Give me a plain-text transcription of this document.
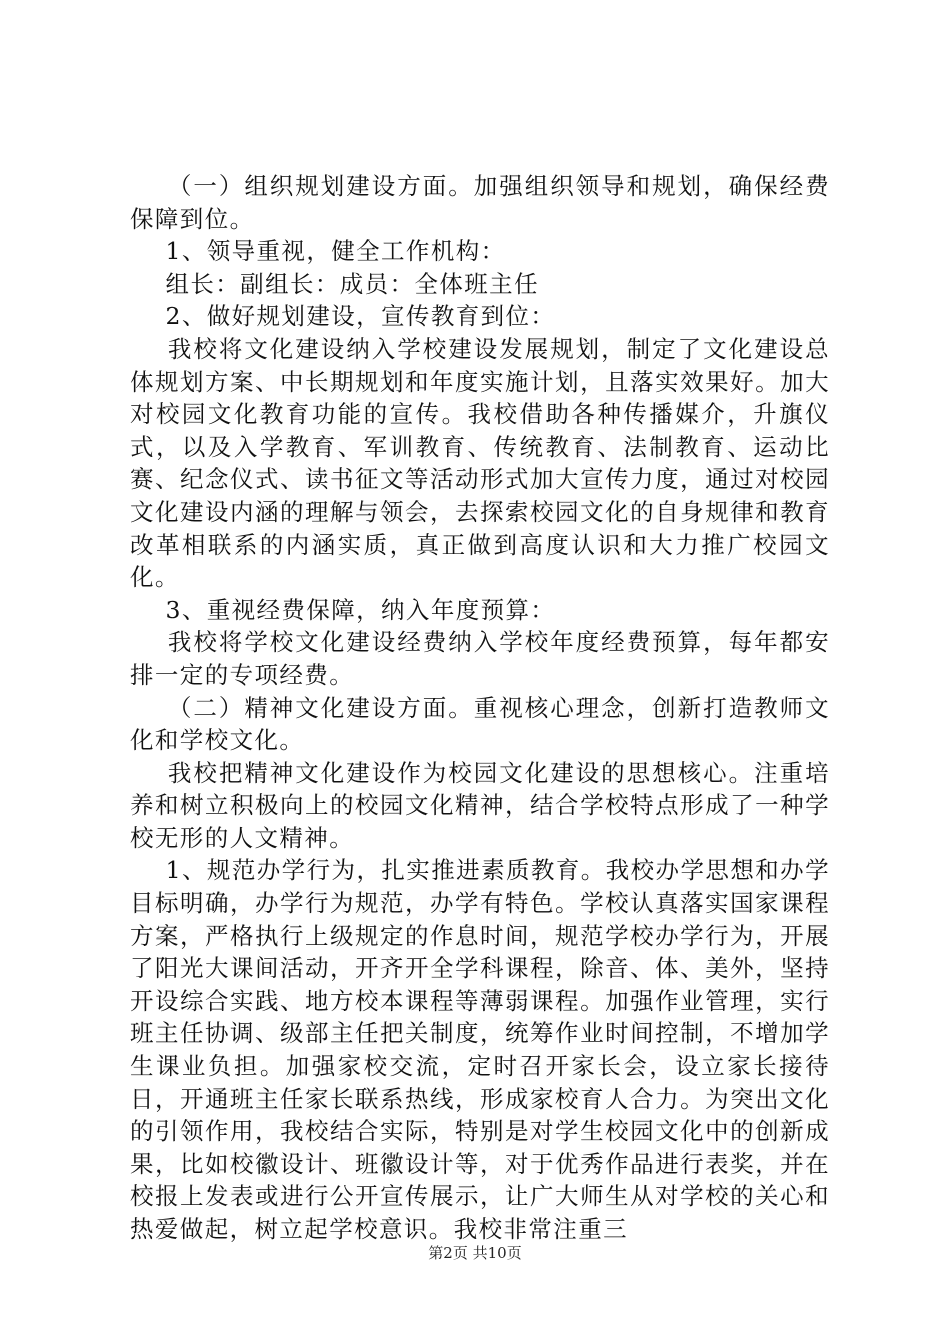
（一）组织规划建设方面。加强组织领导和规划，确保经费保障到位。

1、领导重视，健全工作机构：

组长：副组长：成员：全体班主任

2、做好规划建设，宣传教育到位：

我校将文化建设纳入学校建设发展规划，制定了文化建设总体规划方案、中长期规划和年度实施计划，且落实效果好。加大对校园文化教育功能的宣传。我校借助各种传播媒介，升旗仪式，以及入学教育、军训教育、传统教育、法制教育、运动比赛、纪念仪式、读书征文等活动形式加大宣传力度，通过对校园文化建设内涵的理解与领会，去探索校园文化的自身规律和教育改革相联系的内涵实质，真正做到高度认识和大力推广校园文化。

3、重视经费保障，纳入年度预算：

我校将学校文化建设经费纳入学校年度经费预算，每年都安排一定的专项经费。

（二）精神文化建设方面。重视核心理念，创新打造教师文化和学校文化。

我校把精神文化建设作为校园文化建设的思想核心。注重培养和树立积极向上的校园文化精神，结合学校特点形成了一种学校无形的人文精神。

1、规范办学行为，扎实推进素质教育。我校办学思想和办学目标明确，办学行为规范，办学有特色。学校认真落实国家课程方案，严格执行上级规定的作息时间，规范学校办学行为，开展了阳光大课间活动，开齐开全学科课程，除音、体、美外，坚持开设综合实践、地方校本课程等薄弱课程。加强作业管理，实行班主任协调、级部主任把关制度，统筹作业时间控制，不增加学生课业负担。加强家校交流，定时召开家长会，设立家长接待日，开通班主任家长联系热线，形成家校育人合力。为突出文化的引领作用，我校结合实际，特别是对学生校园文化中的创新成果，比如校徽设计、班徽设计等，对于优秀作品进行表奖，并在校报上发表或进行公开宣传展示，让广大师生从对学校的关心和热爱做起，树立起学校意识。我校非常注重三

第2页 共10页
